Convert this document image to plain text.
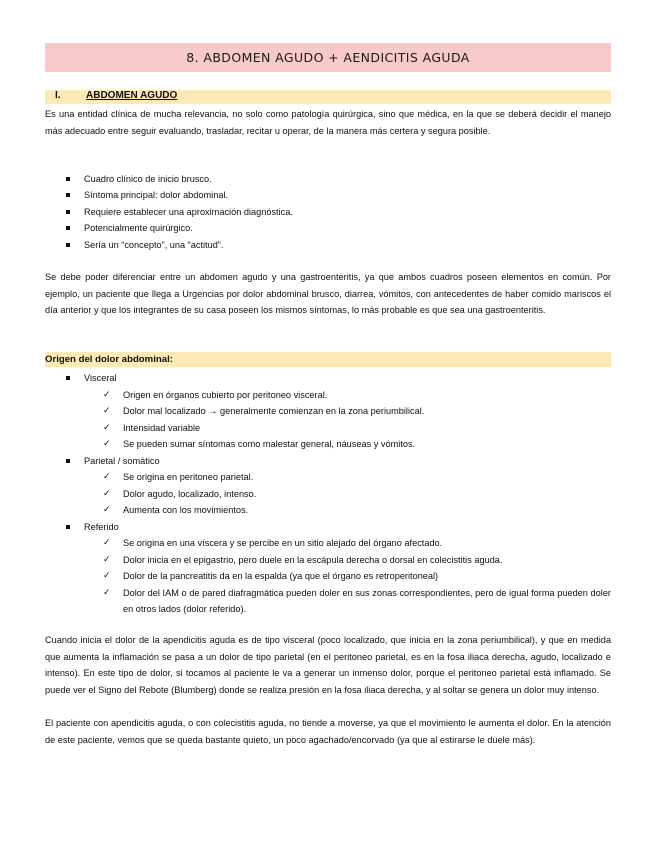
8. ABDOMEN AGUDO + AENDICITIS AGUDA
I.	ABDOMEN AGUDO

Es una entidad clínica de mucha relevancia, no solo como patología quirúrgica, sino que médica, en la que se deberá decidir el manejo más adecuado entre seguir evaluando, trasladar, recitar u operar, de la manera más certera y segura posible.

Cuadro clínico de inicio brusco.
Síntoma principal: dolor abdominal.
Requiere establecer una aproximación diagnóstica.
Potencialmente quirúrgico.
Sería un “concepto”, una “actitud”.

Se debe poder diferenciar entre un abdomen agudo y una gastroenteritis, ya que ambos cuadros poseen elementos en común. Por ejemplo, un paciente que llega a Urgencias por dolor abdominal brusco, diarrea, vómitos, con antecedentes de haber comido mariscos el día anterior y que los integrantes de su casa poseen los mismos síntomas, lo más probable es que sea una gastroenteritis.

Origen del dolor abdominal:
Visceral
✓ Origen en órganos cubierto por peritoneo visceral.
✓ Dolor mal localizado → generalmente comienzan en la zona periumbilical.
✓ Intensidad variable
✓ Se pueden sumar síntomas como malestar general, náuseas y vómitos.
Parietal / somático
✓ Se origina en peritoneo parietal.
✓ Dolor agudo, localizado, intenso.
✓ Aumenta con los movimientos.
Referido
✓ Se origina en una víscera y se percibe en un sitio alejado del órgano afectado.
✓ Dolor inicia en el epigastrio, pero duele en la escápula derecha o dorsal en colecistitis aguda.
✓ Dolor de la pancreatitis da en la espalda (ya que el órgano es retroperitoneal)
✓ Dolor del IAM o de pared diafragmática pueden doler en sus zonas correspondientes, pero de igual forma pueden doler en otros lados (dolor referido).

Cuando inicia el dolor de la apendicitis aguda es de tipo visceral (poco localizado, que inicia en la zona periumbilical), y que en medida que aumenta la inflamación se pasa a un dolor de tipo parietal (en el peritoneo parietal, es en la fosa iliaca derecha, agudo, localizado e intenso). En este tipo de dolor, si tocamos al paciente le va a generar un inmenso dolor, porque el peritoneo parietal está inflamado. Se puede ver el Signo del Rebote (Blumberg) donde se realiza presión en la fosa iliaca derecha, y al soltar se genera un dolor muy intenso.

El paciente con apendicitis aguda, o con colecistitis aguda, no tiende a moverse, ya que el movimiento le aumenta el dolor. En la atención de este paciente, vemos que se queda bastante quieto, un poco agachado/encorvado (ya que al estirarse le duele más).
